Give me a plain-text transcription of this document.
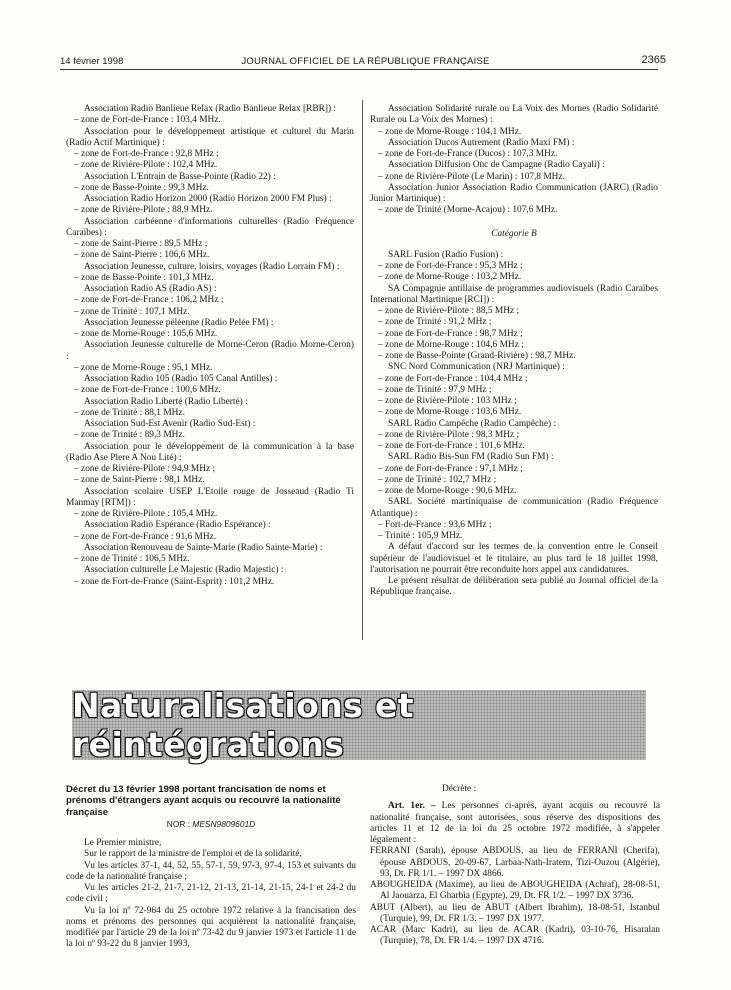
14 février 1998	JOURNAL OFFICIEL DE LA RÉPUBLIQUE FRANÇAISE	2365

Association Radio Banlieue Relax (Radio Banlieue Relax [RBR]) :

– zone de Fort-de-France : 103,4 MHz.

Association pour le développement artistique et culturel du Marin (Radio Actif Martinique) :

– zone de Fort-de-France : 92,8 MHz ;

– zone de Rivière-Pilote : 102,4 MHz.

Association L'Entrain de Basse-Pointe (Radio 22) :

– zone de Basse-Pointe : 99,3 MHz.

Association Radio Horizon 2000 (Radio Horizon 2000 FM Plus) :

– zone de Rivière-Pilote : 88,9 MHz.

Association carbéenne d'informations culturelles (Radio Fréquence Caraïbes) :

– zone de Saint-Pierre : 89,5 MHz ;

– zone de Saint-Pierre : 106,6 MHz.

Association Jeunesse, culture, loisirs, voyages (Radio Lorrain FM) :

– zone de Basse-Pointe : 101,3 MHz.

Association Radio AS (Radio AS) :

– zone de Fort-de-France : 106,2 MHz ;

– zone de Trinité : 107,1 MHz.

Association Jeunesse péléenne (Radio Pelée FM) :

– zone de Morne-Rouge : 105,6 MHz.

Association Jeunesse culturelle de Morne-Ceron (Radio Morne-Ceron) :

– zone de Morne-Rouge : 95,1 MHz.

Association Radio 105 (Radio 105 Canal Antilles) :

– zone de Fort-de-France : 100,6 MHz.

Association Radio Liberté (Radio Liberté) :

– zone de Trinité : 88,1 MHz.

Association Sud-Est Avenir (Radio Sud-Est) :

– zone de Trinité : 89,3 MHz.

Association pour le développement de la communication à la base (Radio Ase Plere A Nou Lité) :

– zone de Rivière-Pilote : 94,9 MHz ;

– zone de Saint-Pierre : 98,1 MHz.

Association scolaire USEP L'Etoile rouge de Josseaud (Radio Ti Manmay [RTM]) :

– zone de Rivière-Pilote : 105,4 MHz.

Association Radio Espérance (Radio Espérance) :

– zone de Fort-de-France : 91,6 MHz.

Association Renouveau de Sainte-Marie (Radio Sainte-Marie) :

– zone de Trinité : 106,5 MHz.

Association culturelle Le Majestic (Radio Majestic) :

– zone de Fort-de-France (Saint-Esprit) : 101,2 MHz.

Association Solidarité rurale ou La Voix des Mornes (Radio Solidarité Rurale ou La Voix des Mornes) :

– zone de Morne-Rouge : 104,1 MHz.

Association Ducos Autrement (Radio Maxi FM) :

– zone de Fort-de-France (Ducos) : 107,3 MHz.

Association Diffusion Onc de Campagne (Radio Cayali) :

– zone de Rivière-Pilote (Le Marin) : 107,8 MHz.

Association Junior Association Radio Communication (JARC) (Radio Junior Martinique) :

– zone de Trinité (Morne-Acajou) : 107,6 MHz.

Catégorie B

SARL Fusion (Radio Fusion) :

– zone de Fort-de-France : 95,3 MHz ;

– zone de Morne-Rouge : 103,2 MHz.

SA Compagnie antillaise de programmes audiovisuels (Radio Caraïbes International Martinique [RCI]) :

– zone de Rivière-Pilote : 88,5 MHz ;

– zone de Trinité : 91,2 MHz ;

– zone de Fort-de-France : 98,7 MHz ;

– zone de Morne-Rouge : 104,6 MHz ;

– zone de Basse-Pointe (Grand-Rivière) : 98,7 MHz.

SNC Nord Communication (NRJ Martinique) :

– zone de Fort-de-France : 104,4 MHz ;

– zone de Trinité : 97,9 MHz ;

– zone de Rivière-Pilote : 103 MHz ;

– zone de Morne-Rouge : 103,6 MHz.

SARL Radio Campêche (Radio Campêche) :

– zone de Rivière-Pilote : 98,3 MHz ;

– zone de Fort-de-France : 101,6 MHz.

SARL Radio Bis-Sun FM (Radio Sun FM) :

– zone de Fort-de-France : 97,1 MHz ;

– zone de Trinité : 102,7 MHz ;

– zone de Morne-Rouge : 90,6 MHz.

SARL Société martiniquaise de communication (Radio Fréquence Atlantique) :

– Fort-de-France : 93,6 MHz ;

– Trinité : 105,9 MHz.

A défaut d'accord sur les termes de la convention entre le Conseil supérieur de l'audiovisuel et le titulaire, au plus tard le 18 juillet 1998, l'autorisation ne pourrait être reconduite hors appel aux candidatures.

Le présent résultat de délibération sera publié au Journal officiel de la République française.

Naturalisations et réintégrations

Décret du 13 février 1998 portant francisation de noms et prénoms d'étrangers ayant acquis ou recouvré la nationalité française

NOR : MESN9809601D

Le Premier ministre,

Sur le rapport de la ministre de l'emploi et de la solidarité,

Vu les articles 37-1, 44, 52, 55, 57-1, 59, 97-3, 97-4, 153 et suivants du code de la nationalité française ;

Vu les articles 21-2, 21-7, 21-12, 21-13, 21-14, 21-15, 24-1 et 24-2 du code civil ;

Vu la loi nº 72-964 du 25 octobre 1972 relative à la francisation des noms et prénoms des personnes qui acquièrent la nationalité française, modifiée par l'article 29 de la loi nº 73-42 du 9 janvier 1973 et l'article 11 de la loi nº 93-22 du 8 janvier 1993,

Décrète :

Art. 1er. – Les personnes ci-après, ayant acquis ou recouvré la nationalité française, sont autorisées, sous réserve des dispositions des articles 11 et 12 de la loi du 25 octobre 1972 modifiée, à s'appeler légalement :

FERRANI (Sarah), épouse ABDOUS, au lieu de FERRANI (Cherifa), épouse ABDOUS, 20-09-67, Larbaa-Nath-Iratem, Tizi-Ouzou (Algérie), 93, Dt. FR 1/1. – 1997 DX 4866.

ABOUGHEIDA (Maxime), au lieu de ABOUGHEIDA (Achraf), 28-08-51, Al Jaouarza, El Gharbia (Egypte), 29, Dt. FR 1/2. – 1997 DX 3736.

ABUT (Albert), au lieu de ABUT (Albert Ibrahim), 18-08-51, Istanbul (Turquie), 99, Dt. FR 1/3. – 1997 DX 1977.

ACAR (Marc Kadri), au lieu de ACAR (Kadri), 03-10-76, Hisaralan (Turquie), 78, Dt. FR 1/4. – 1997 DX 4716.
